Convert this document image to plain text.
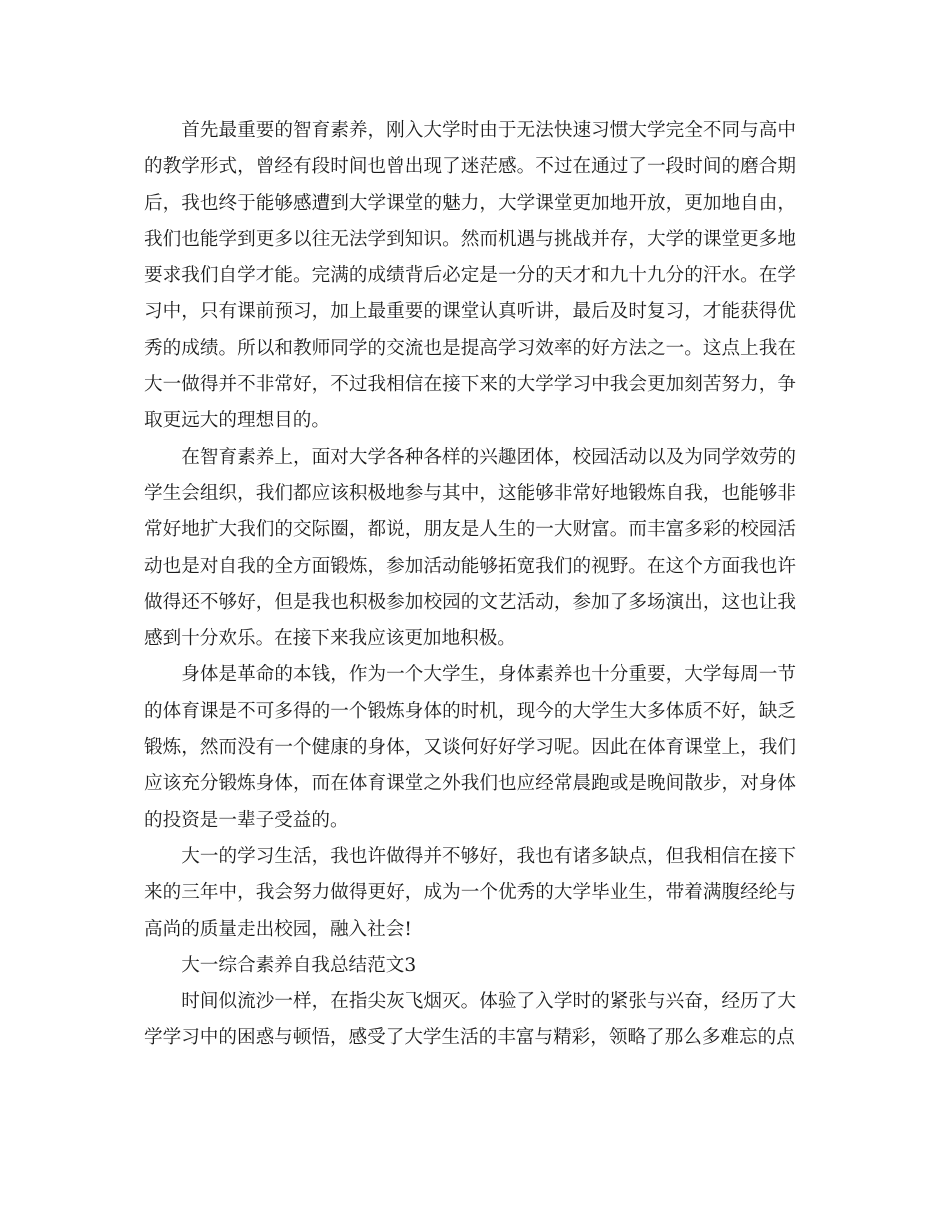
首先最重要的智育素养，刚入大学时由于无法快速习惯大学完全不同与高中的教学形式，曾经有段时间也曾出现了迷茫感。不过在通过了一段时间的磨合期后，我也终于能够感遭到大学课堂的魅力，大学课堂更加地开放，更加地自由，我们也能学到更多以往无法学到知识。然而机遇与挑战并存，大学的课堂更多地要求我们自学才能。完满的成绩背后必定是一分的天才和九十九分的汗水。在学习中，只有课前预习，加上最重要的课堂认真听讲，最后及时复习，才能获得优秀的成绩。所以和教师同学的交流也是提高学习效率的好方法之一。这点上我在大一做得并不非常好，不过我相信在接下来的大学学习中我会更加刻苦努力，争取更远大的理想目的。

在智育素养上，面对大学各种各样的兴趣团体，校园活动以及为同学效劳的学生会组织，我们都应该积极地参与其中，这能够非常好地锻炼自我，也能够非常好地扩大我们的交际圈，都说，朋友是人生的一大财富。而丰富多彩的校园活动也是对自我的全方面锻炼，参加活动能够拓宽我们的视野。在这个方面我也许做得还不够好，但是我也积极参加校园的文艺活动，参加了多场演出，这也让我感到十分欢乐。在接下来我应该更加地积极。

身体是革命的本钱，作为一个大学生，身体素养也十分重要，大学每周一节的体育课是不可多得的一个锻炼身体的时机，现今的大学生大多体质不好，缺乏锻炼，然而没有一个健康的身体，又谈何好好学习呢。因此在体育课堂上，我们应该充分锻炼身体，而在体育课堂之外我们也应经常晨跑或是晚间散步，对身体的投资是一辈子受益的。

大一的学习生活，我也许做得并不够好，我也有诸多缺点，但我相信在接下来的三年中，我会努力做得更好，成为一个优秀的大学毕业生，带着满腹经纶与高尚的质量走出校园，融入社会!

大一综合素养自我总结范文3

时间似流沙一样，在指尖灰飞烟灭。体验了入学时的紧张与兴奋，经历了大学学习中的困惑与顿悟，感受了大学生活的丰富与精彩，领略了那么多难忘的点
